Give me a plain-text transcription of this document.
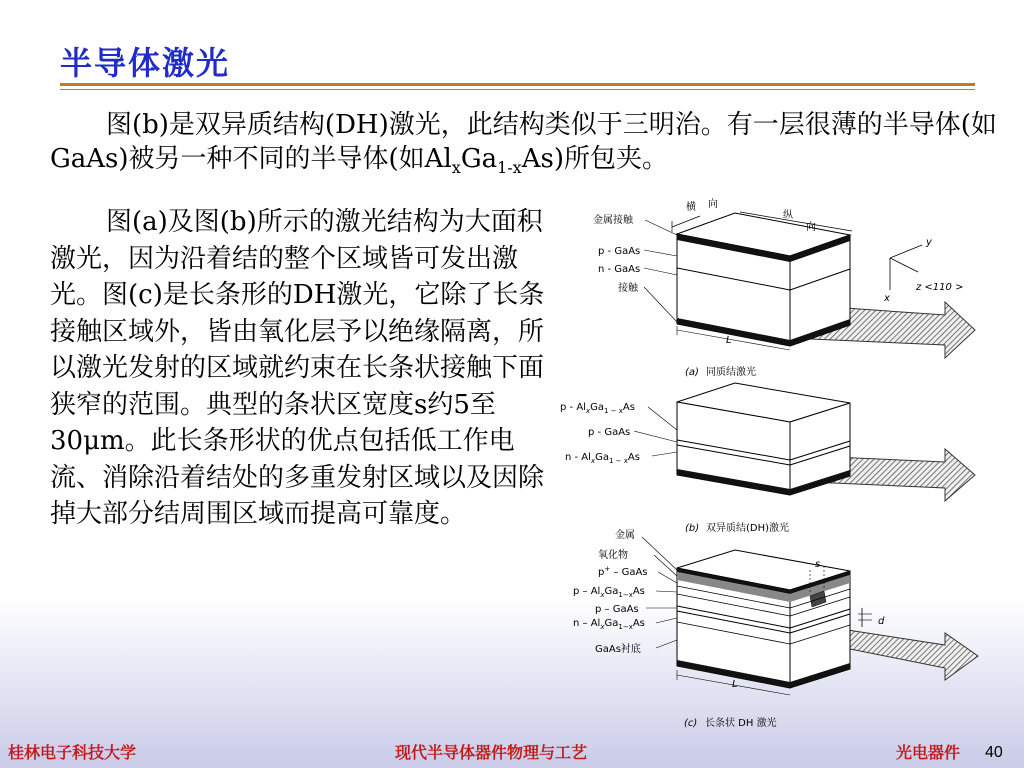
半导体激光

图(b)是双异质结构(DH)激光，此结构类似于三明治。有一层很薄的半导体(如GaAs)被另一种不同的半导体(如$Al_xGa_{1-x}As$)所包夹。

图(a)及图(b)所示的激光结构为大面积激光，因为沿着结的整个区域皆可发出激光。图(c)是长条形的DH激光，它除了长条接触区域外，皆由氧化层予以绝缘隔离，所以激光发射的区域就约束在长条状接触下面狭窄的范围。典型的条状区宽度s约5至30μm。此长条形状的优点包括低工作电流、消除沿着结处的多重发射区域以及因除掉大部分结周围区域而提高可靠度。

L
金属接触
p - GaAs
n - GaAs
接触
横 向
纵
向
y
x
z <110 >
(a) 同质结激光
p - $Al_xGa_{1 - x}As$
p - GaAs
n - $Al_xGa_{1 - x}As$
(b) 双异质结(DH)激光
金属
氧化物
p+ – GaAs
p – $Al_xGa_{1-x}As$
p – GaAs
n – $Al_xGa_{1-x}As$
GaAs衬底
s
d
L
(c) 长条状 DH 激光
桂林电子科技大学	现代半导体器件物理与工艺	光电器件 40
